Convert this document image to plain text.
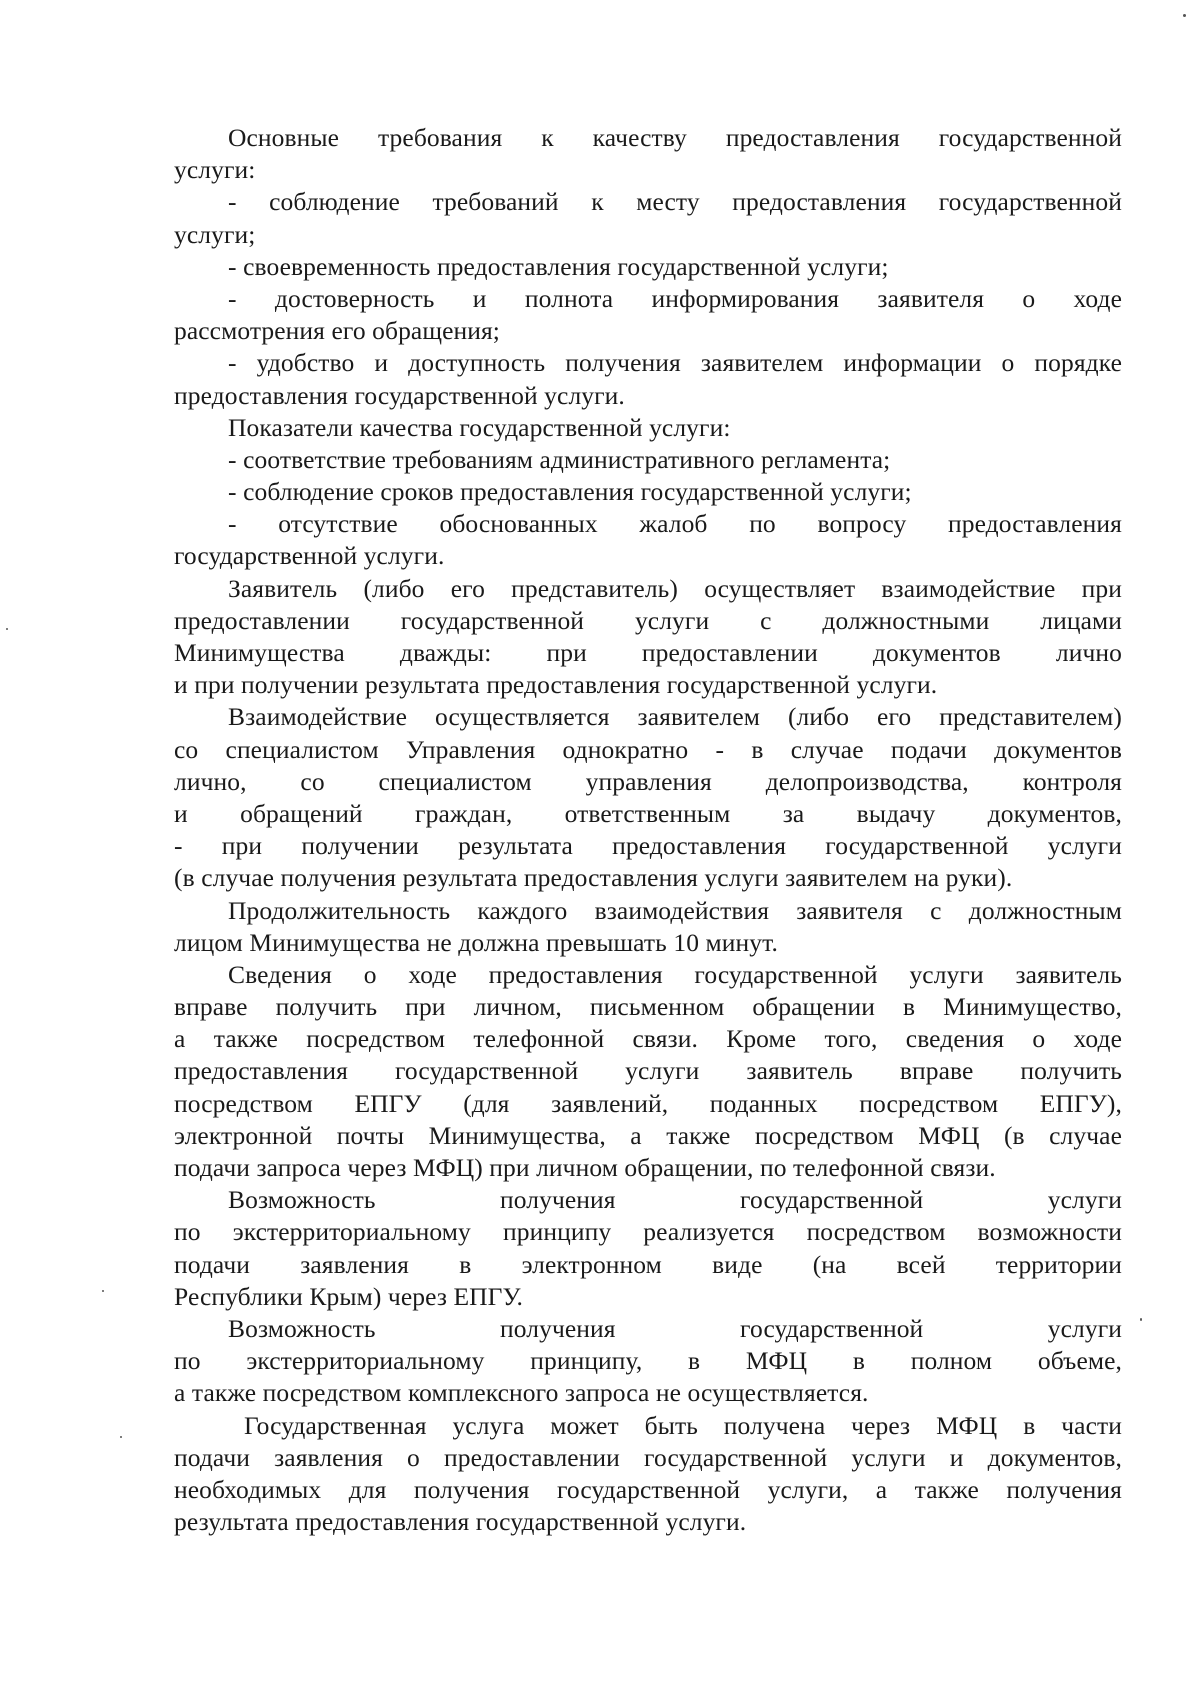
Основные требования к качеству предоставления государственной
услуги:
- соблюдение требований к месту предоставления государственной
услуги;
- своевременность предоставления государственной услуги;
- достоверность и полнота информирования заявителя о ходе
рассмотрения его обращения;
- удобство и доступность получения заявителем информации о порядке
предоставления государственной услуги.
Показатели качества государственной услуги:
- соответствие требованиям административного регламента;
- соблюдение сроков предоставления государственной услуги;
- отсутствие обоснованных жалоб по вопросу предоставления
государственной услуги.
Заявитель (либо его представитель) осуществляет взаимодействие при
предоставлении государственной услуги с должностными лицами
Минимущества дважды: при предоставлении документов лично
и при получении результата предоставления государственной услуги.
Взаимодействие осуществляется заявителем (либо его представителем)
со специалистом Управления однократно - в случае подачи документов
лично, со специалистом управления делопроизводства, контроля
и обращений граждан, ответственным за выдачу документов,
- при получении результата предоставления государственной услуги
(в случае получения результата предоставления услуги заявителем на руки).
Продолжительность каждого взаимодействия заявителя с должностным
лицом Минимущества не должна превышать 10 минут.
Сведения о ходе предоставления государственной услуги заявитель
вправе получить при личном, письменном обращении в Минимущество,
а также посредством телефонной связи. Кроме того, сведения о ходе
предоставления государственной услуги заявитель вправе получить
посредством ЕПГУ (для заявлений, поданных посредством ЕПГУ),
электронной почты Минимущества, а также посредством МФЦ (в случае
подачи запроса через МФЦ) при личном обращении, по телефонной связи.
Возможность получения государственной услуги
по экстерриториальному принципу реализуется посредством возможности
подачи заявления в электронном виде (на всей территории
Республики Крым) через ЕПГУ.
Возможность получения государственной услуги
по экстерриториальному принципу, в МФЦ в полном объеме,
а также посредством комплексного запроса не осуществляется.
Государственная услуга может быть получена через МФЦ в части
подачи заявления о предоставлении государственной услуги и документов,
необходимых для получения государственной услуги, а также получения
результата предоставления государственной услуги.
